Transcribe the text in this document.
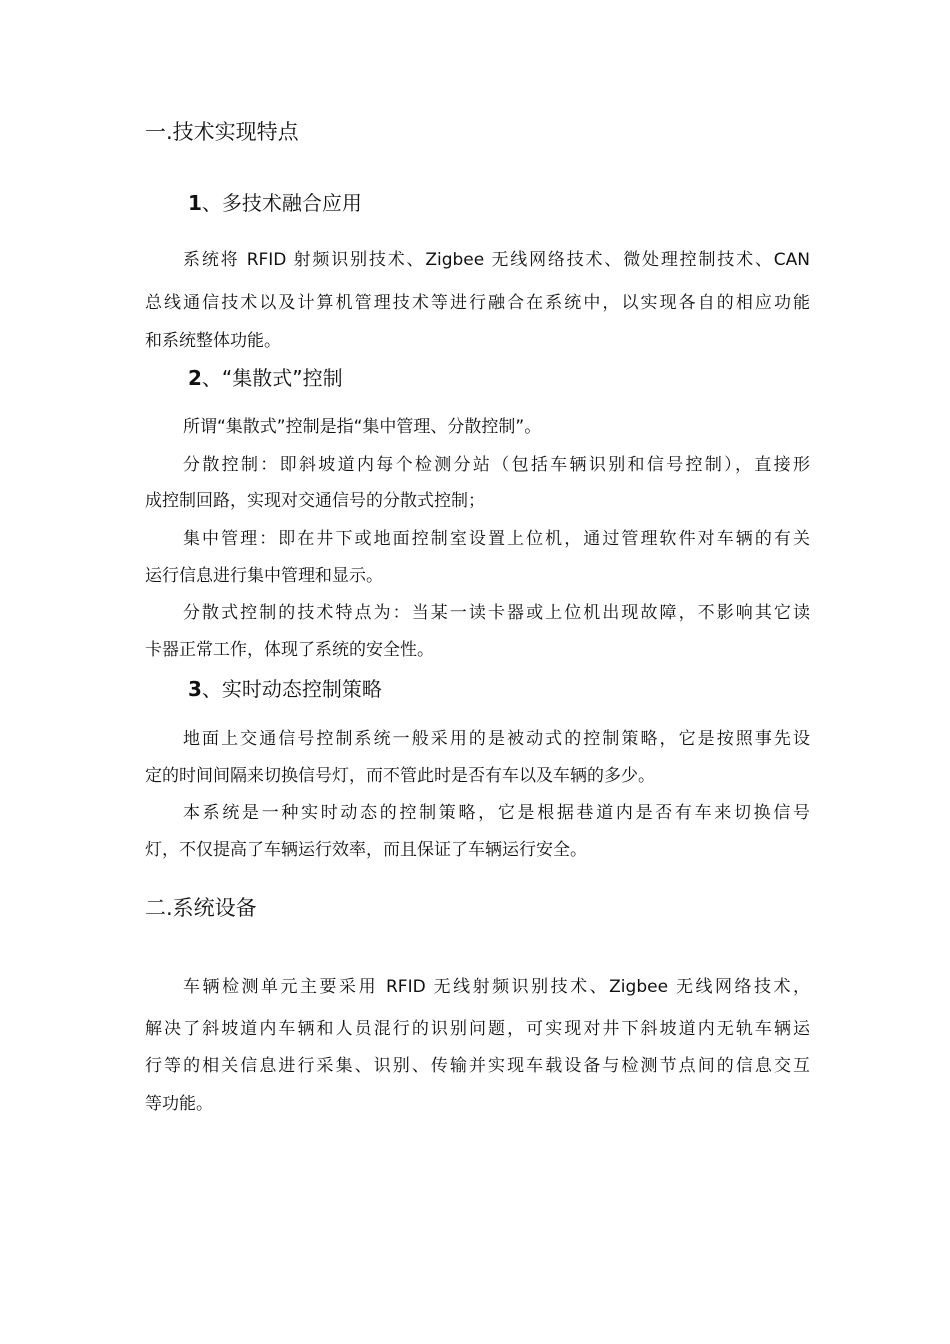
一.技术实现特点
1、多技术融合应用
系统将 RFID 射频识别技术、Zigbee 无线网络技术、微处理控制技术、CAN
总线通信技术以及计算机管理技术等进行融合在系统中，以实现各自的相应功能
和系统整体功能。
2、“集散式”控制
所谓“集散式”控制是指“集中管理、分散控制”。
分散控制：即斜坡道内每个检测分站（包括车辆识别和信号控制），直接形
成控制回路，实现对交通信号的分散式控制；
集中管理：即在井下或地面控制室设置上位机，通过管理软件对车辆的有关
运行信息进行集中管理和显示。
分散式控制的技术特点为：当某一读卡器或上位机出现故障，不影响其它读
卡器正常工作，体现了系统的安全性。
3、实时动态控制策略
地面上交通信号控制系统一般采用的是被动式的控制策略，它是按照事先设
定的时间间隔来切换信号灯，而不管此时是否有车以及车辆的多少。
本系统是一种实时动态的控制策略，它是根据巷道内是否有车来切换信号
灯，不仅提高了车辆运行效率，而且保证了车辆运行安全。
二.系统设备
车辆检测单元主要采用 RFID 无线射频识别技术、Zigbee 无线网络技术，
解决了斜坡道内车辆和人员混行的识别问题，可实现对井下斜坡道内无轨车辆运
行等的相关信息进行采集、识别、传输并实现车载设备与检测节点间的信息交互
等功能。
